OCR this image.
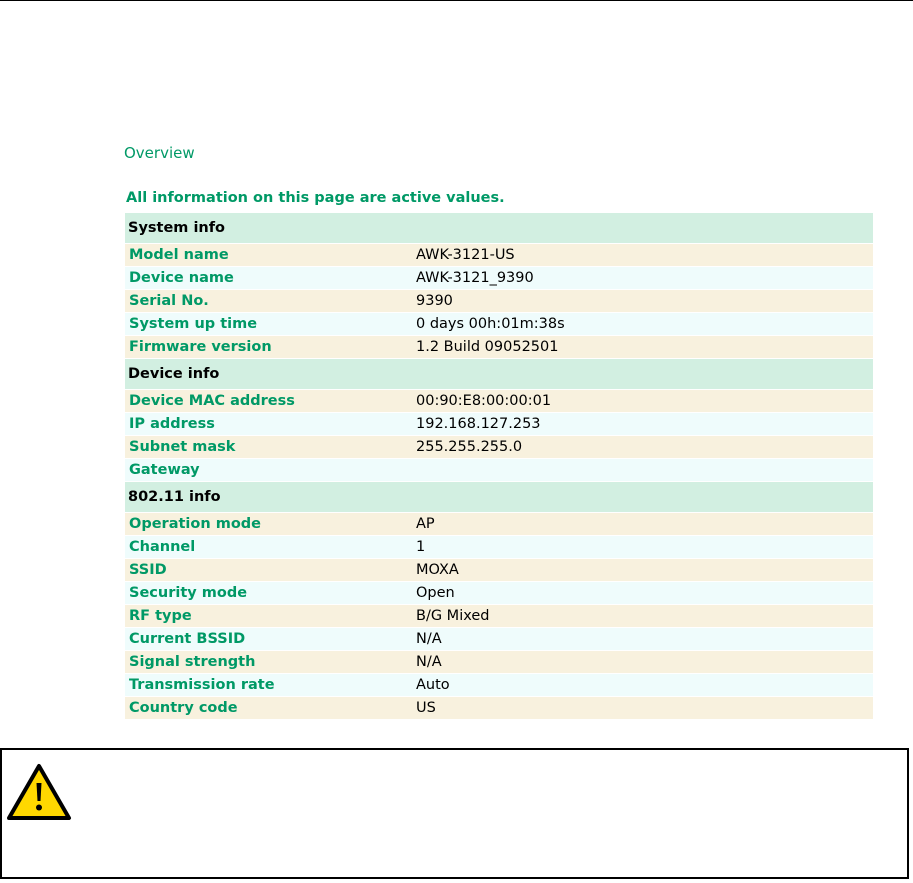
Overview
All information on this page are active values.
System info
Model name	AWK-3121-US
Device name	AWK-3121_9390
Serial No.	9390
System up time	0 days 00h:01m:38s
Firmware version	1.2 Build 09052501
Device info
Device MAC address	00:90:E8:00:00:01
IP address	192.168.127.253
Subnet mask	255.255.255.0
Gateway
802.11 info
Operation mode	AP
Channel	1
SSID	MOXA
Security mode	Open
RF type	B/G Mixed
Current BSSID	N/A
Signal strength	N/A
Transmission rate	Auto
Country code	US
